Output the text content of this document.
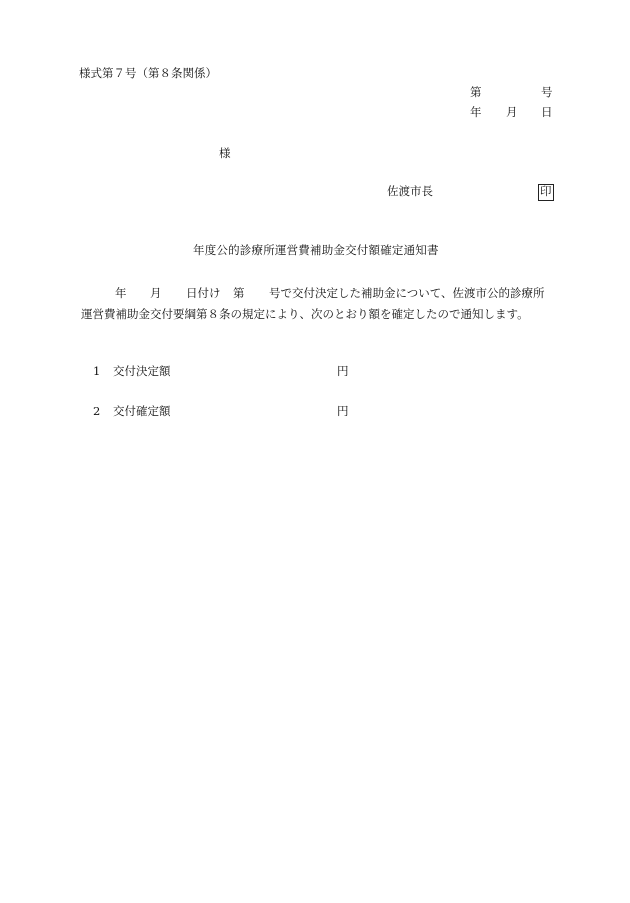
様式第７号（第８条関係）
第	号
年 月 日
様
佐渡市長	印
年度公的診療所運営費補助金交付額確定通知書
年 月 日付け 第 号で交付決定した補助金について、佐渡市公的診療所
運営費補助金交付要綱第８条の規定により、次のとおり額を確定したので通知します。
1 交付決定額	円
2 交付確定額	円
